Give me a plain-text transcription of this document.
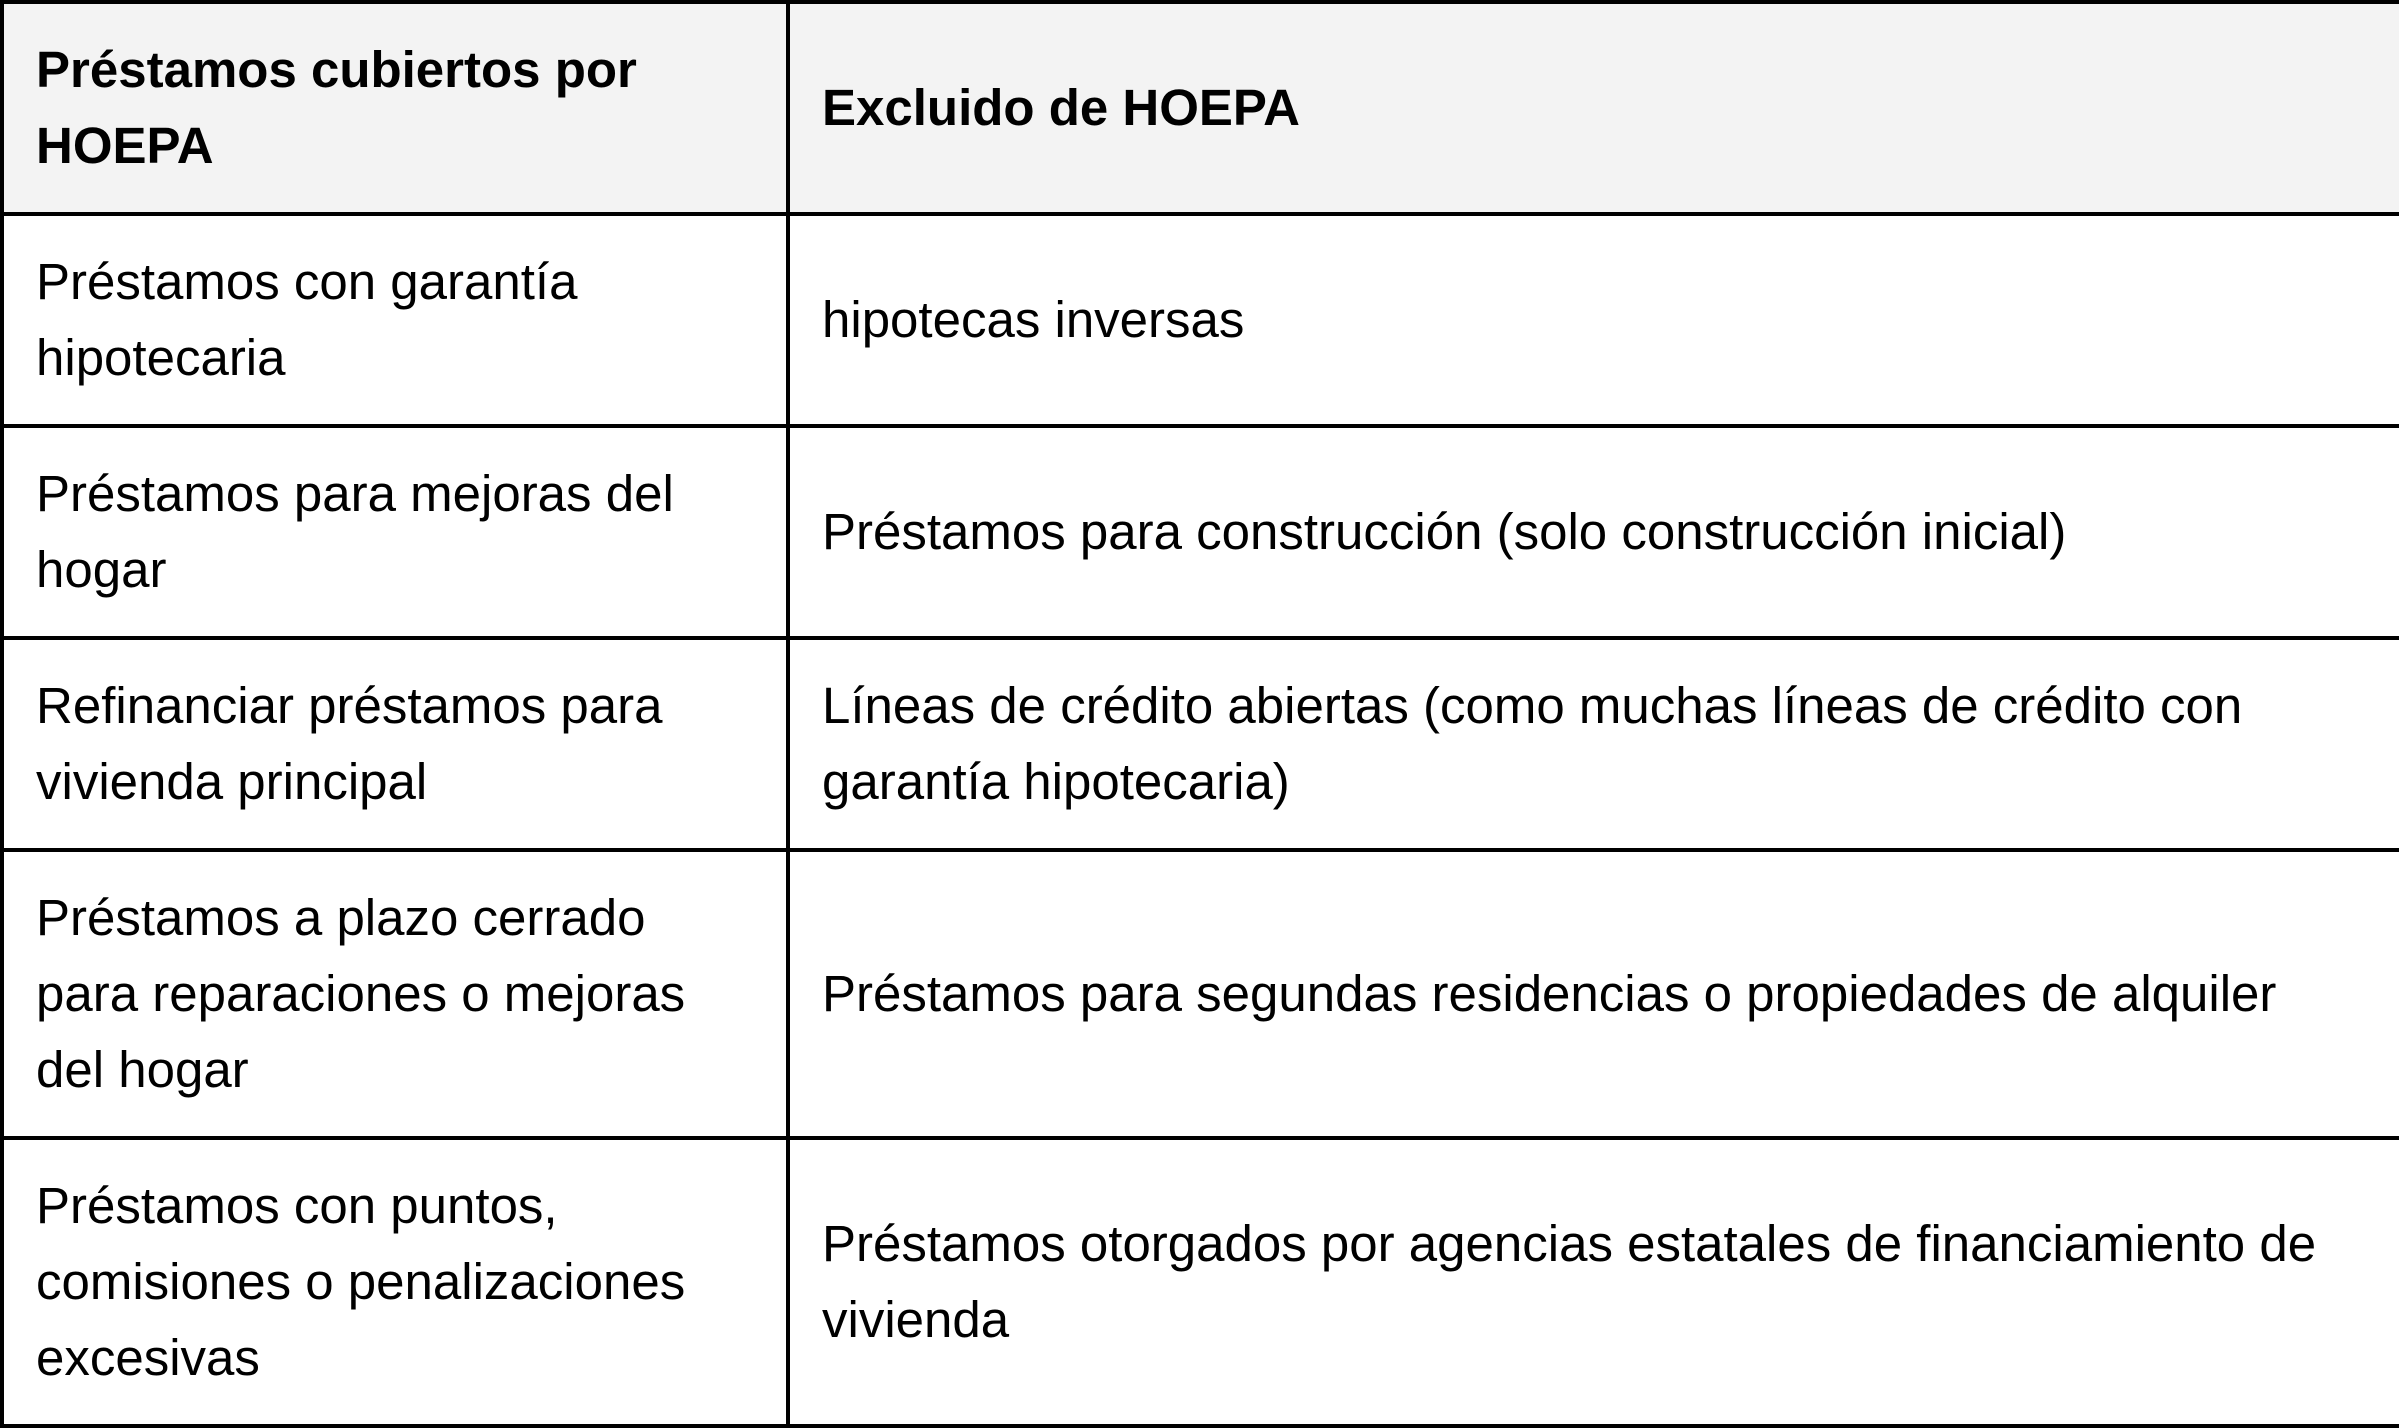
Préstamos cubiertos por HOEPA	Excluido de HOEPA
Préstamos con garantía hipotecaria	hipotecas inversas
Préstamos para mejoras del hogar	Préstamos para construcción (solo construcción inicial)
Refinanciar préstamos para vivienda principal	Líneas de crédito abiertas (como muchas líneas de crédito con garantía hipotecaria)
Préstamos a plazo cerrado para reparaciones o mejoras del hogar	Préstamos para segundas residencias o propiedades de alquiler
Préstamos con puntos, comisiones o penalizaciones excesivas	Préstamos otorgados por agencias estatales de financiamiento de vivienda
